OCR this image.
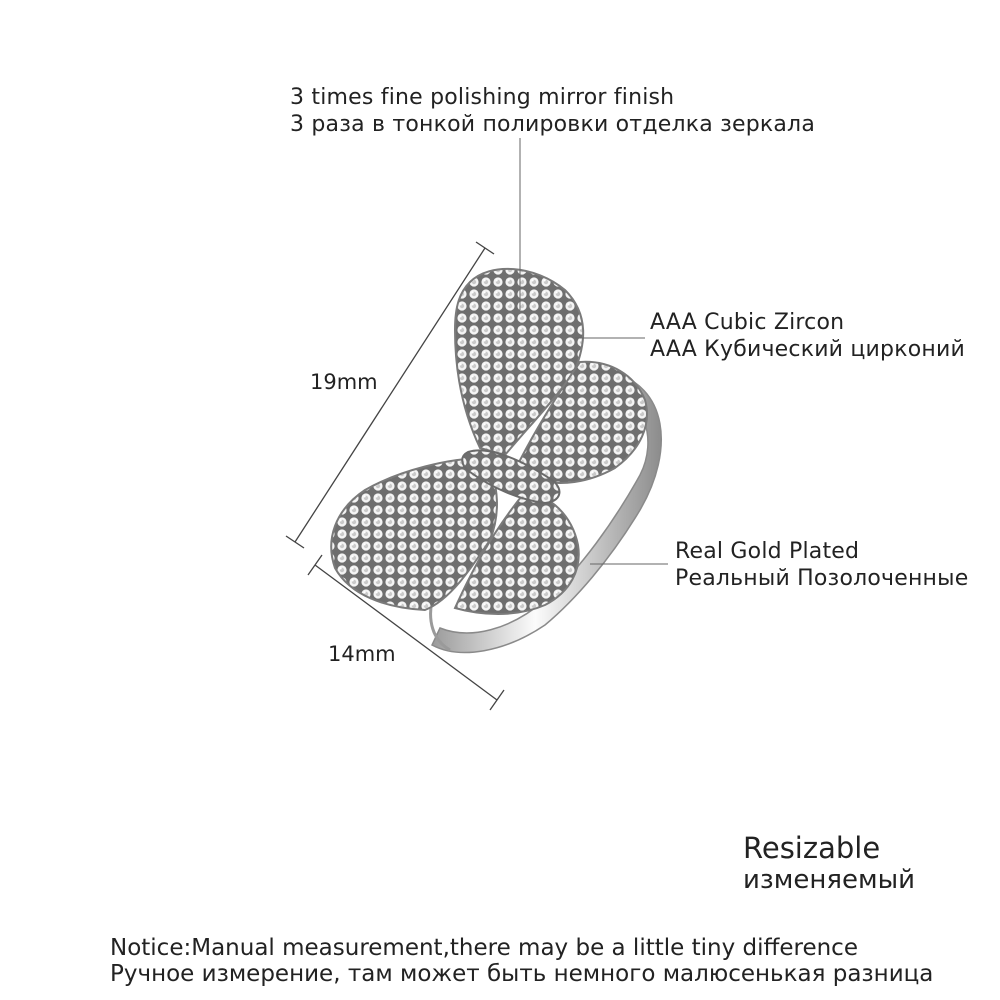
3 times fine polishing mirror finish
3 раза в тонкой полировки отделка зеркала
AAA Cubic Zircon
AAA Кубический цирконий
Real Gold Plated
Реальный Позолоченные
19mm
14mm
Resizable
изменяемый
Notice:Manual measurement,there may be a little tiny difference
Ручное измерение, там может быть немного малюсенькая разница
